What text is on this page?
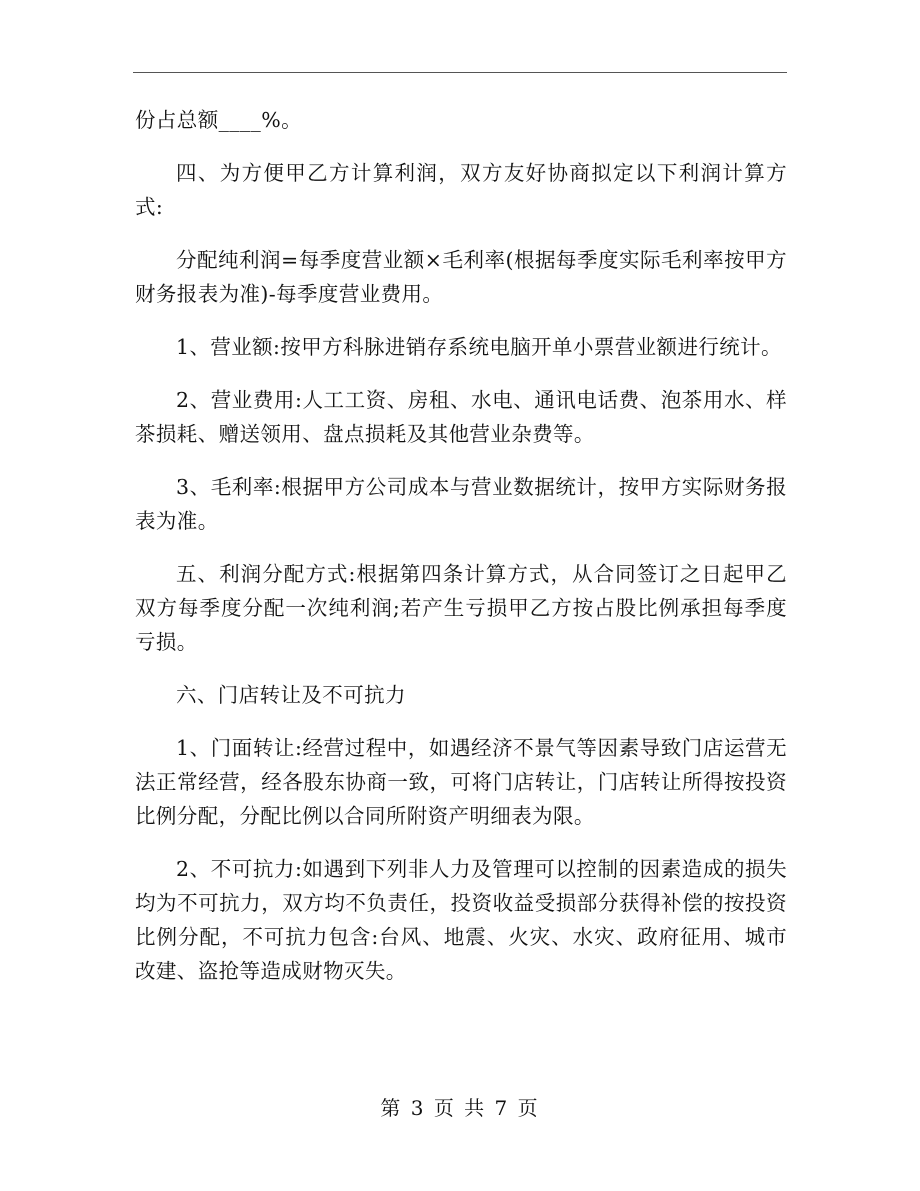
份占总额____%。

四、为方便甲乙方计算利润，双方友好协商拟定以下利润计算方式:

分配纯利润=每季度营业额×毛利率(根据每季度实际毛利率按甲方财务报表为准)-每季度营业费用。

1、营业额:按甲方科脉进销存系统电脑开单小票营业额进行统计。

2、营业费用:人工工资、房租、水电、通讯电话费、泡茶用水、样茶损耗、赠送领用、盘点损耗及其他营业杂费等。

3、毛利率:根据甲方公司成本与营业数据统计，按甲方实际财务报表为准。

五、利润分配方式:根据第四条计算方式，从合同签订之日起甲乙双方每季度分配一次纯利润;若产生亏损甲乙方按占股比例承担每季度亏损。

六、门店转让及不可抗力

1、门面转让:经营过程中，如遇经济不景气等因素导致门店运营无法正常经营，经各股东协商一致，可将门店转让，门店转让所得按投资比例分配，分配比例以合同所附资产明细表为限。

2、不可抗力:如遇到下列非人力及管理可以控制的因素造成的损失均为不可抗力，双方均不负责任，投资收益受损部分获得补偿的按投资比例分配，不可抗力包含:台风、地震、火灾、水灾、政府征用、城市改建、盗抢等造成财物灭失。

第 3 页 共 7 页
